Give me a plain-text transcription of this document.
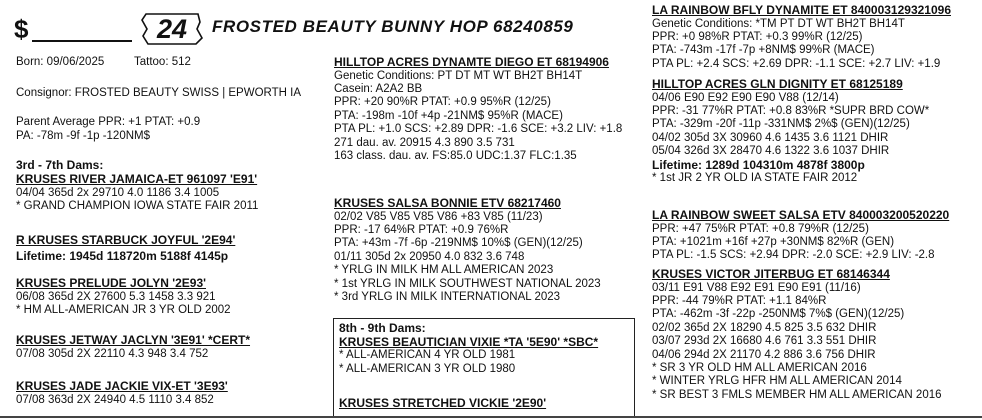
$	24	FROSTED BEAUTY BUNNY HOP 68240859
Born: 09/06/2025	Tattoo: 512
Consignor: FROSTED BEAUTY SWISS | EPWORTH IA
Parent Average PPR: +1 PTAT: +0.9
PA: -78m -9f -1p -120NM$
3rd - 7th Dams:
KRUSES RIVER JAMAICA-ET 961097 'E91'
04/04 365d 2x 29710 4.0 1186 3.4 1005
* GRAND CHAMPION IOWA STATE FAIR 2011
R KRUSES STARBUCK JOYFUL '2E94'
Lifetime: 1945d 118720m 5188f 4145p
KRUSES PRELUDE JOLYN '2E93'
06/08 365d 2X 27600 5.3 1458 3.3 921
* HM ALL-AMERICAN JR 3 YR OLD 2002
KRUSES JETWAY JACLYN '3E91' *CERT*
07/08 305d 2X 22110 4.3 948 3.4 752
KRUSES JADE JACKIE VIX-ET '3E93'
07/08 363d 2X 24940 4.5 1110 3.4 852
HILLTOP ACRES DYNAMTE DIEGO ET 68194906
Genetic Conditions: PT DT MT WT BH2T BH14T
Casein: A2A2 BB
PPR: +20 90%R PTAT: +0.9 95%R (12/25)
PTA: -198m -10f +4p -21NM$ 95%R (MACE)
PTA PL: +1.0 SCS: +2.89 DPR: -1.6 SCE: +3.2 LIV: +1.8
271 dau. av. 20915 4.3 890 3.5 731
163 class. dau. av. FS:85.0 UDC:1.37 FLC:1.35
KRUSES SALSA BONNIE ETV 68217460
02/02 V85 V85 V85 V86 +83 V85 (11/23)
PPR: -17 64%R PTAT: +0.9 76%R
PTA: +43m -7f -6p -219NM$ 10%$ (GEN)(12/25)
01/11 305d 2x 20950 4.0 832 3.6 748
* YRLG IN MILK HM ALL AMERICAN 2023
* 1st YRLG IN MILK SOUTHWEST NATIONAL 2023
* 3rd YRLG IN MILK INTERNATIONAL 2023
8th - 9th Dams:
KRUSES BEAUTICIAN VIXIE *TA '5E90' *SBC*
* ALL-AMERICAN 4 YR OLD 1981
* ALL-AMERICAN 3 YR OLD 1980
KRUSES STRETCHED VICKIE '2E90'
LA RAINBOW BFLY DYNAMITE ET 840003129321096
Genetic Conditions: *TM PT DT WT BH2T BH14T
PPR: +0 98%R PTAT: +0.3 99%R (12/25)
PTA: -743m -17f -7p +8NM$ 99%R (MACE)
PTA PL: +2.4 SCS: +2.69 DPR: -1.1 SCE: +2.7 LIV: +1.9
HILLTOP ACRES GLN DIGNITY ET 68125189
04/06 E90 E92 E90 E90 V88 (12/14)
PPR: -31 77%R PTAT: +0.8 83%R *SUPR BRD COW*
PTA: -329m -20f -11p -331NM$ 2%$ (GEN)(12/25)
04/02 305d 3X 30960 4.6 1435 3.6 1121 DHIR
05/04 326d 3X 28470 4.6 1322 3.6 1037 DHIR
Lifetime: 1289d 104310m 4878f 3800p
* 1st JR 2 YR OLD IA STATE FAIR 2012
LA RAINBOW SWEET SALSA ETV 840003200520220
PPR: +47 75%R PTAT: +0.8 79%R (12/25)
PTA: +1021m +16f +27p +30NM$ 82%R (GEN)
PTA PL: -1.5 SCS: +2.94 DPR: -2.0 SCE: +2.9 LIV: -2.8
KRUSES VICTOR JITERBUG ET 68146344
03/11 E91 V88 E92 E91 E90 E91 (11/16)
PPR: -44 79%R PTAT: +1.1 84%R
PTA: -462m -3f -22p -250NM$ 7%$ (GEN)(12/25)
02/02 365d 2X 18290 4.5 825 3.5 632 DHIR
03/07 293d 2X 16680 4.6 761 3.3 551 DHIR
04/06 294d 2X 21170 4.2 886 3.6 756 DHIR
* SR 3 YR OLD HM ALL AMERICAN 2016
* WINTER YRLG HFR HM ALL AMERICAN 2014
* SR BEST 3 FMLS MEMBER HM ALL AMERICAN 2016
